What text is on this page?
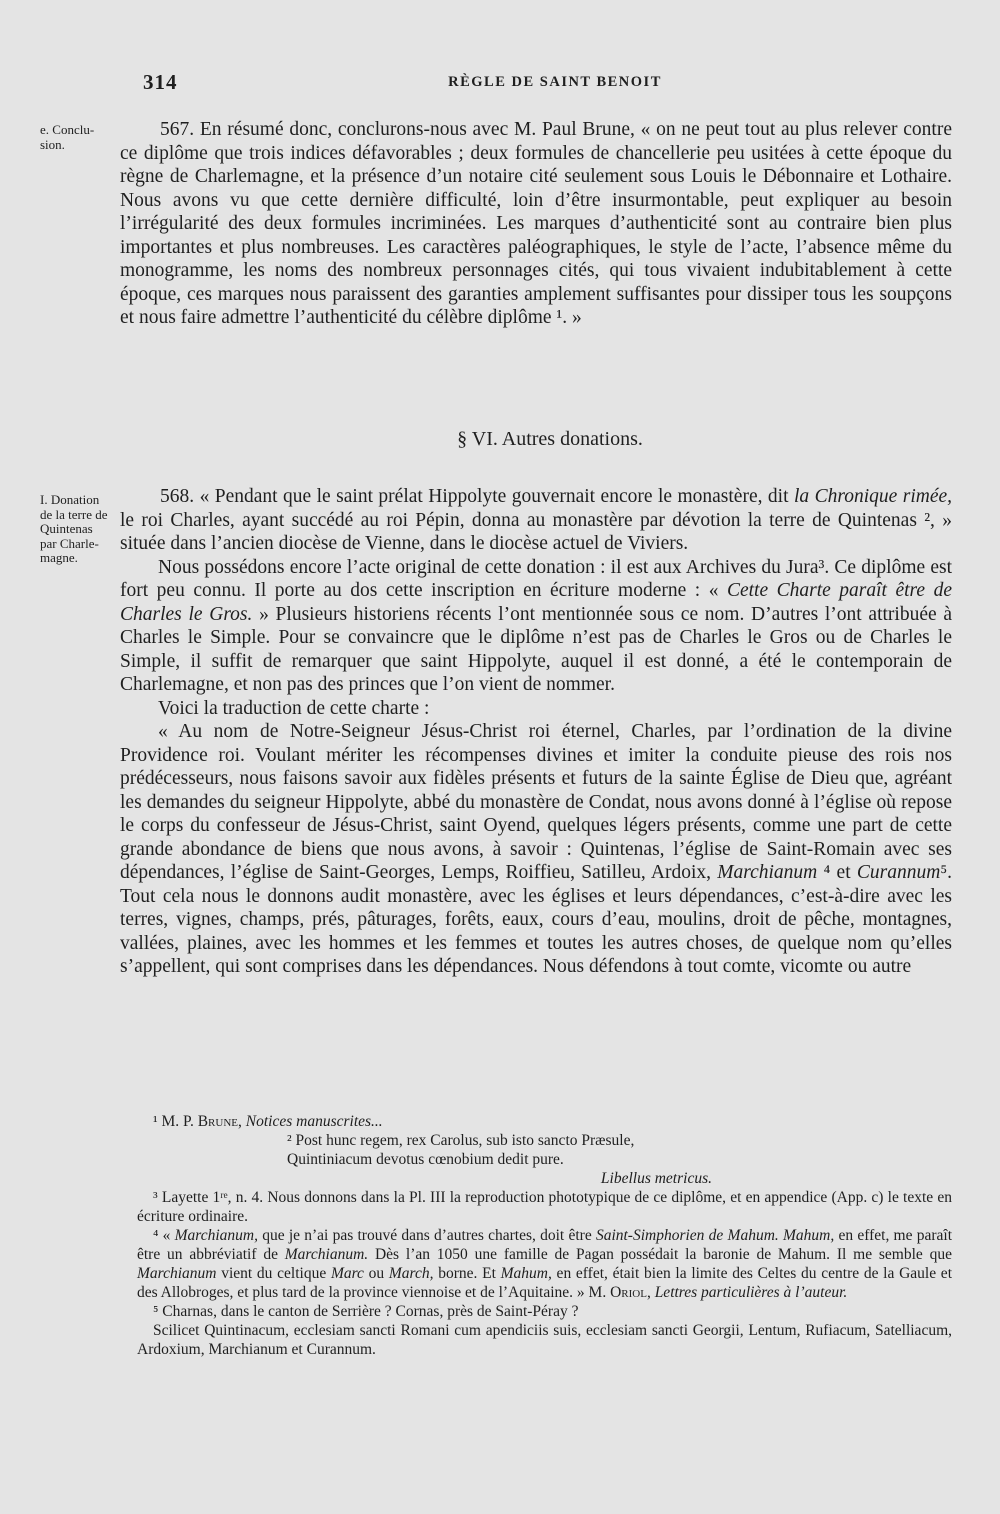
314	RÈGLE DE SAINT BENOIT
e. Conclu-
sion.

567. En résumé donc, conclurons-nous avec M. Paul Brune, « on ne peut tout au plus relever contre ce diplôme que trois indices défavorables ; deux formules de chancellerie peu usitées à cette époque du règne de Charlemagne, et la présence d’un notaire cité seulement sous Louis le Débonnaire et Lothaire. Nous avons vu que cette dernière difficulté, loin d’être insurmontable, peut expliquer au besoin l’irrégularité des deux formules incriminées. Les marques d’authenticité sont au contraire bien plus importantes et plus nombreuses. Les caractères paléographiques, le style de l’acte, l’absence même du monogramme, les noms des nombreux personnages cités, qui tous vivaient indubitablement à cette époque, ces marques nous paraissent des garanties amplement suffisantes pour dissiper tous les soupçons et nous faire admettre l’authenticité du célèbre diplôme ¹. »

§ VI. Autres donations.
I. Donation
de la terre de
Quintenas
par Charle-
magne.

568. « Pendant que le saint prélat Hippolyte gouvernait encore le monastère, dit la Chronique rimée, le roi Charles, ayant succédé au roi Pépin, donna au monastère par dévotion la terre de Quintenas ², » située dans l’ancien diocèse de Vienne, dans le diocèse actuel de Viviers.

Nous possédons encore l’acte original de cette donation : il est aux Archives du Jura³. Ce diplôme est fort peu connu. Il porte au dos cette inscription en écriture moderne : « Cette Charte paraît être de Charles le Gros. » Plusieurs historiens récents l’ont mentionnée sous ce nom. D’autres l’ont attribuée à Charles le Simple. Pour se convaincre que le diplôme n’est pas de Charles le Gros ou de Charles le Simple, il suffit de remarquer que saint Hippolyte, auquel il est donné, a été le contemporain de Charlemagne, et non pas des princes que l’on vient de nommer.

Voici la traduction de cette charte :

« Au nom de Notre-Seigneur Jésus-Christ roi éternel, Charles, par l’ordination de la divine Providence roi. Voulant mériter les récompenses divines et imiter la conduite pieuse des rois nos prédécesseurs, nous faisons savoir aux fidèles présents et futurs de la sainte Église de Dieu que, agréant les demandes du seigneur Hippolyte, abbé du monastère de Condat, nous avons donné à l’église où repose le corps du confesseur de Jésus-Christ, saint Oyend, quelques légers présents, comme une part de cette grande abondance de biens que nous avons, à savoir : Quintenas, l’église de Saint-Romain avec ses dépendances, l’église de Saint-Georges, Lemps, Roiffieu, Satilleu, Ardoix, Marchianum ⁴ et Curannum⁵. Tout cela nous le donnons audit monastère, avec les églises et leurs dépendances, c’est-à-dire avec les terres, vignes, champs, prés, pâturages, forêts, eaux, cours d’eau, moulins, droit de pêche, montagnes, vallées, plaines, avec les hommes et les femmes et toutes les autres choses, de quelque nom qu’elles s’appellent, qui sont comprises dans les dépendances. Nous défendons à tout comte, vicomte ou autre

¹ M. P. Brune, Notices manuscrites...

² Post hunc regem, rex Carolus, sub isto sancto Præsule,

Quintiniacum devotus cœnobium dedit pure.

Libellus metricus.

³ Layette 1ʳᵉ, n. 4. Nous donnons dans la Pl. III la reproduction phototypique de ce diplôme, et en appendice (App. c) le texte en écriture ordinaire.

⁴ « Marchianum, que je n’ai pas trouvé dans d’autres chartes, doit être Saint-Simphorien de Mahum. Mahum, en effet, me paraît être un abbréviatif de Marchianum. Dès l’an 1050 une famille de Pagan possédait la baronie de Mahum. Il me semble que Marchianum vient du celtique Marc ou March, borne. Et Mahum, en effet, était bien la limite des Celtes du centre de la Gaule et des Allobroges, et plus tard de la province viennoise et de l’Aquitaine. » M. Oriol, Lettres particulières à l’auteur.

⁵ Charnas, dans le canton de Serrière ? Cornas, près de Saint-Péray ?

Scilicet Quintinacum, ecclesiam sancti Romani cum apendiciis suis, ecclesiam sancti Georgii, Lentum, Rufiacum, Satelliacum, Ardoxium, Marchianum et Curannum.
